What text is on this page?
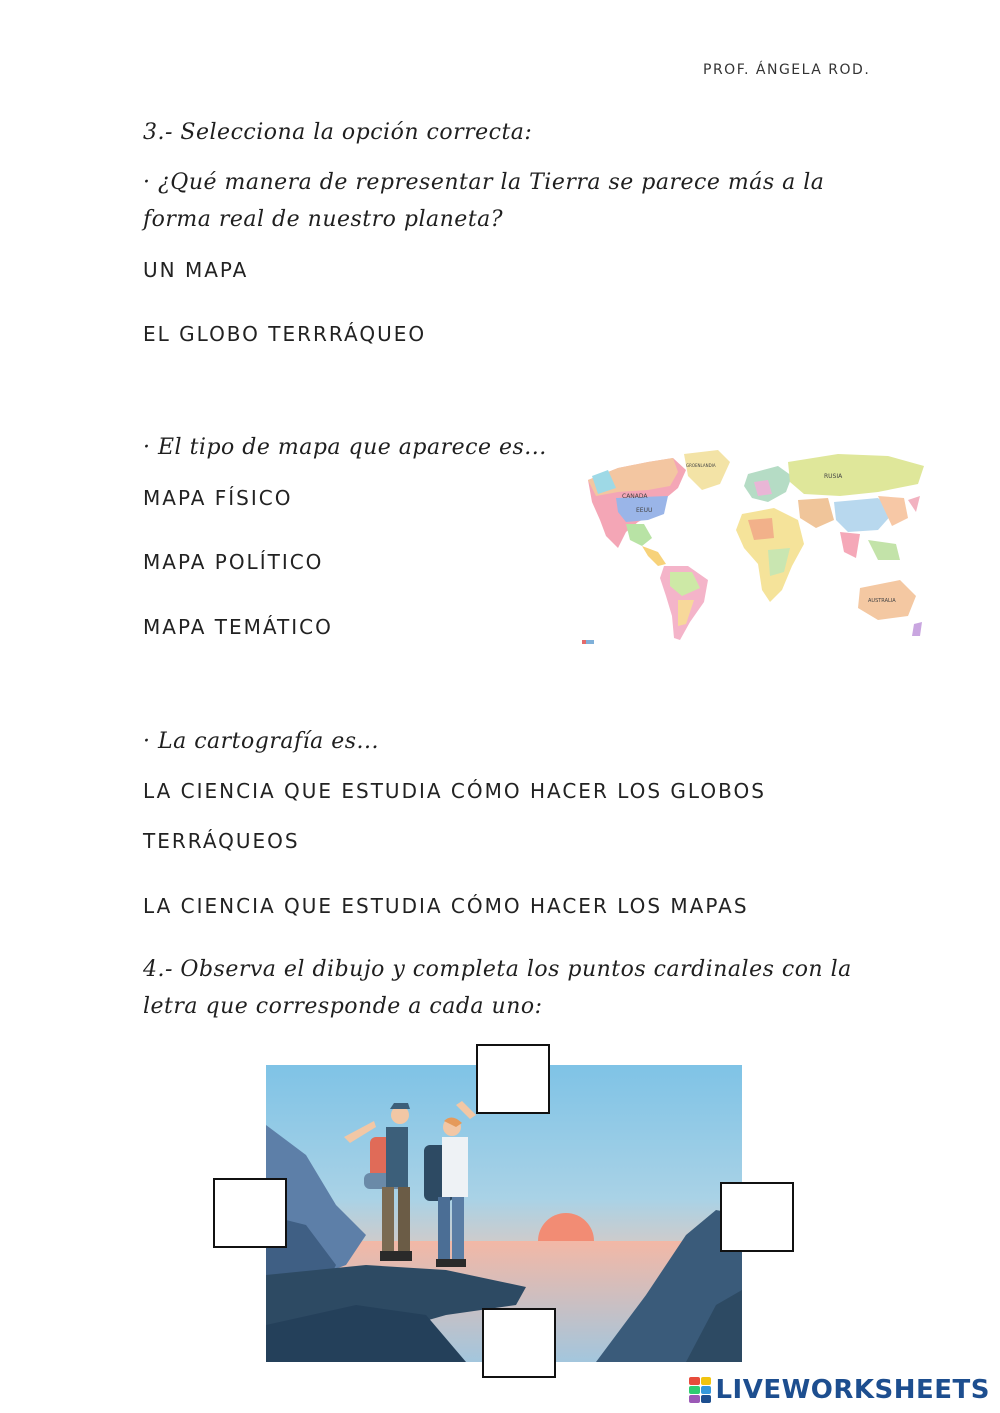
PROF. ÁNGELA ROD.
3.- Selecciona la opción correcta:
· ¿Qué manera de representar la Tierra se parece más a la
forma real de nuestro planeta?
UN MAPA
EL GLOBO TERRRÁQUEO
· El tipo de mapa que aparece es...
MAPA FÍSICO
MAPA POLÍTICO
MAPA TEMÁTICO
CANADA
EEUU
GROENLANDIA
RUSIA
AUSTRALIA
· La cartografía es...
LA CIENCIA QUE ESTUDIA CÓMO HACER LOS GLOBOS
TERRÁQUEOS
LA CIENCIA QUE ESTUDIA CÓMO HACER LOS MAPAS
4.- Observa el dibujo y completa los puntos cardinales con la
letra que corresponde a cada uno:
LIVEWORKSHEETS
